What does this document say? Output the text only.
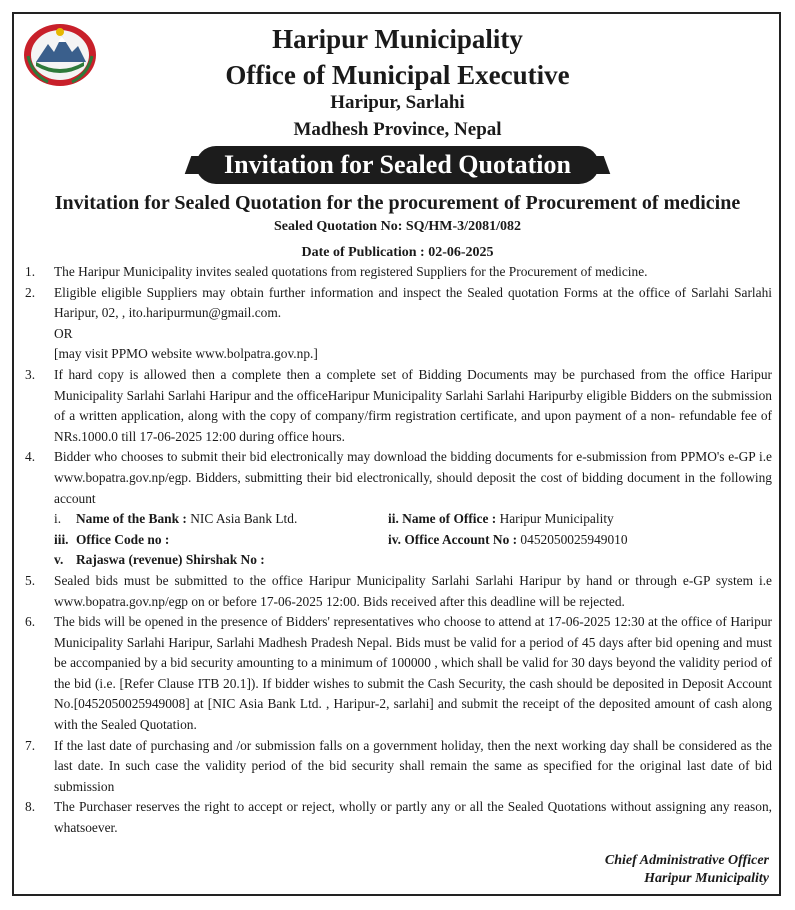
Haripur Municipality
Office of Municipal Executive
Haripur, Sarlahi
Madhesh Province, Nepal
Invitation for Sealed Quotation
Invitation for Sealed Quotation for the procurement of Procurement of medicine
Sealed Quotation No: SQ/HM-3/2081/082
Date of Publication : 02-06-2025
1. The Haripur Municipality invites sealed quotations from registered Suppliers for the Procurement of medicine.
2. Eligible eligible Suppliers may obtain further information and inspect the Sealed quotation Forms at the office of Sarlahi Sarlahi Haripur, 02, , ito.haripurmun@gmail.com.
OR
[may visit PPMO website www.bolpatra.gov.np.]
3. If hard copy is allowed then a complete then a complete set of Bidding Documents may be purchased from the office Haripur Municipality Sarlahi Sarlahi Haripur and the officeHaripur Municipality Sarlahi Sarlahi Haripurby eligible Bidders on the submission of a written application, along with the copy of company/firm registration certificate, and upon payment of a non- refundable fee of NRs.1000.0 till 17-06-2025 12:00 during office hours.
4. Bidder who chooses to submit their bid electronically may download the bidding documents for e-submission from PPMO's e-GP i.e www.bopatra.gov.np/egp. Bidders, submitting their bid electronically, should deposit the cost of bidding document in the following account
i. Name of the Bank : NIC Asia Bank Ltd.	ii. Name of Office : Haripur Municipality
iii. Office Code no :	iv. Office Account No : 0452050025949010
v. Rajaswa (revenue) Shirshak No :
5. Sealed bids must be submitted to the office Haripur Municipality Sarlahi Sarlahi Haripur by hand or through e-GP system i.e www.bopatra.gov.np/egp on or before 17-06-2025 12:00. Bids received after this deadline will be rejected.
6. The bids will be opened in the presence of Bidders' representatives who choose to attend at 17-06-2025 12:30 at the office of Haripur Municipality Sarlahi Haripur, Sarlahi Madhesh Pradesh Nepal. Bids must be valid for a period of 45 days after bid opening and must be accompanied by a bid security amounting to a minimum of 100000 , which shall be valid for 30 days beyond the validity period of the bid (i.e. [Refer Clause ITB 20.1]). If bidder wishes to submit the Cash Security, the cash should be deposited in Deposit Account No.[0452050025949008] at [NIC Asia Bank Ltd. , Haripur-2, sarlahi] and submit the receipt of the deposited amount of cash along with the Sealed Quotation.
7. If the last date of purchasing and /or submission falls on a government holiday, then the next working day shall be considered as the last date. In such case the validity period of the bid security shall remain the same as specified for the original last date of bid submission
8. The Purchaser reserves the right to accept or reject, wholly or partly any or all the Sealed Quotations without assigning any reason, whatsoever.
Chief Administrative Officer
Haripur Municipality
